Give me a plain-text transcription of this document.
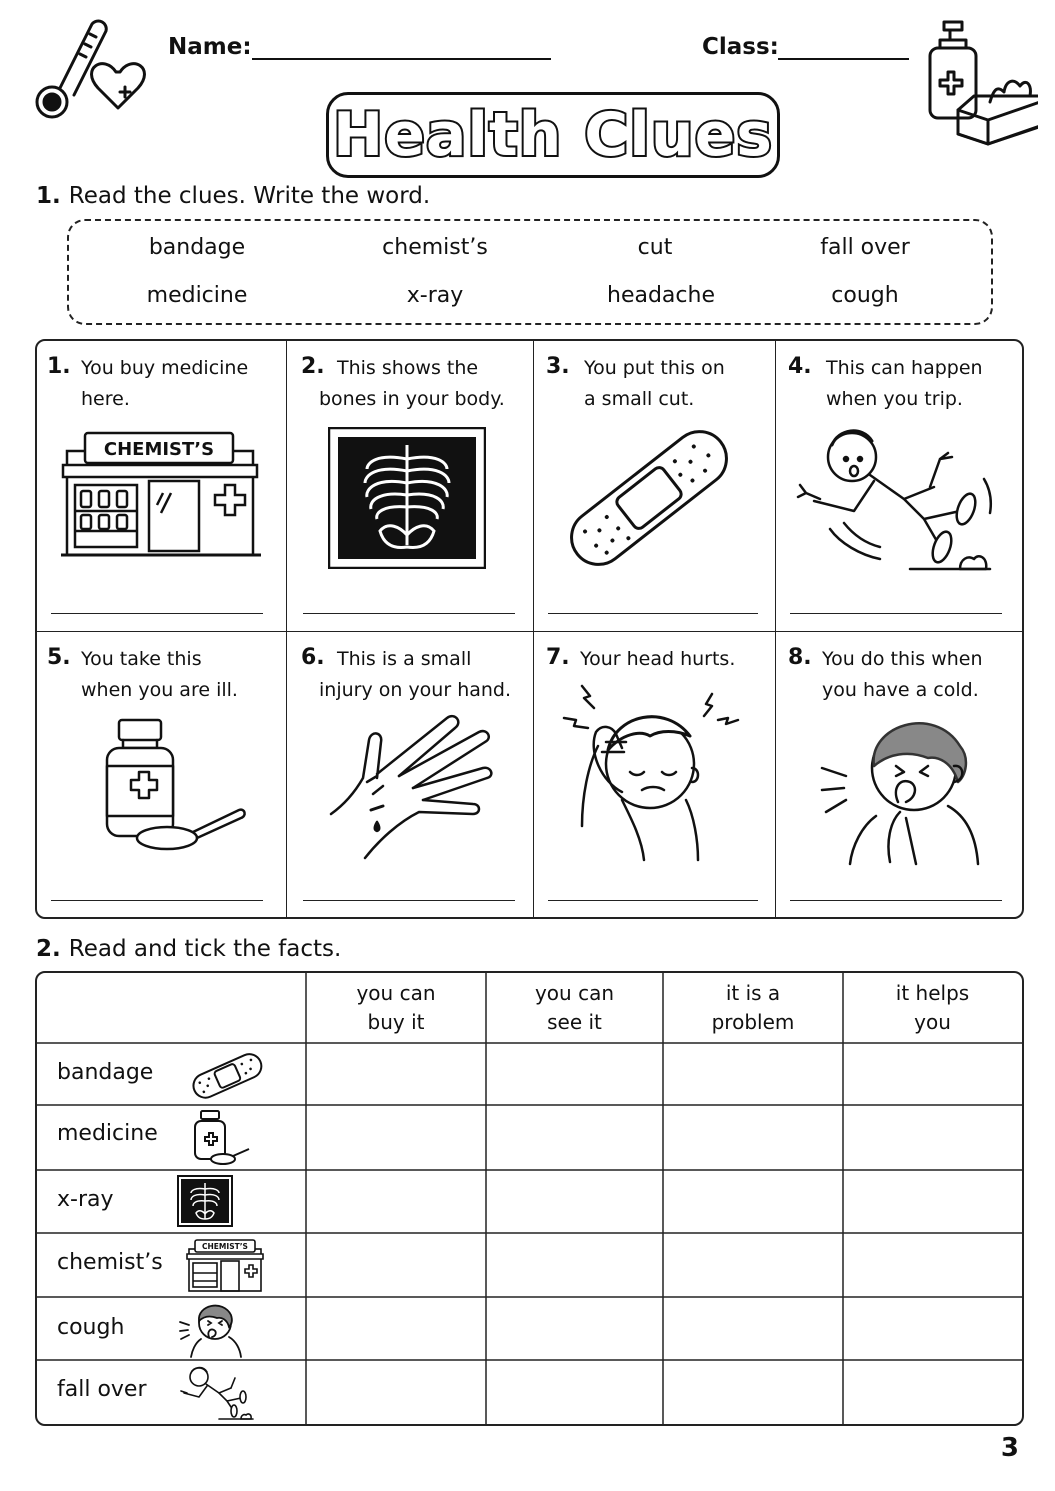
Name:	Class:
Health Clues
1. Read the clues. Write the word.
bandage	chemist’s	cut	fall over
medicine	x-ray	headache	cough
1. You buy medicine
here.
CHEMIST’S
2. This shows the
bones in your body.
3. You put this on
a small cut.
4. This can happen
when you trip.
5. You take this
when you are ill.
6. This is a small
injury on your hand.
7. Your head hurts. 8. You do this when
you have a cold.
2. Read and tick the facts.
you can
buy it
you can
see it
it is a
problem
it helps
you
bandage
medicine
x-ray
chemist’s
CHEMIST’S
cough
fall over
3
